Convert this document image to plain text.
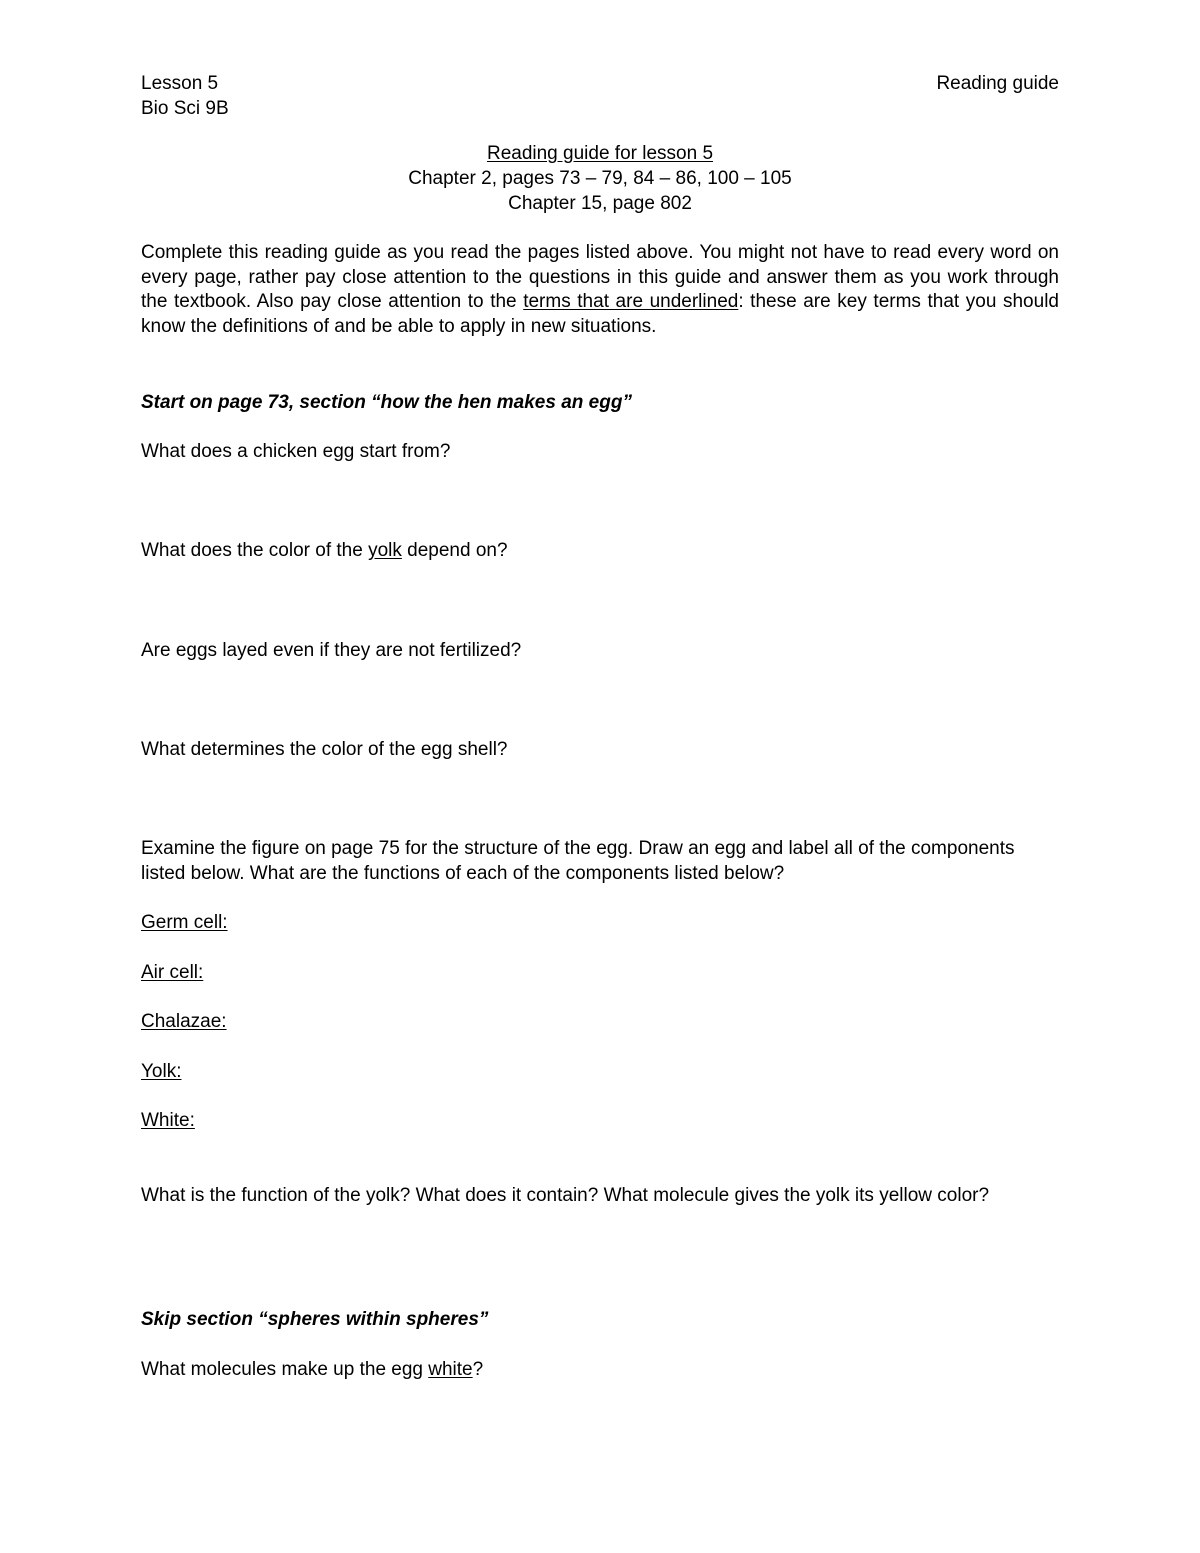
Lesson 5
Bio Sci 9B
Reading guide
Reading guide for lesson 5
Chapter 2, pages 73 – 79, 84 – 86, 100 – 105
Chapter 15, page 802
Complete this reading guide as you read the pages listed above. You might not have to read every word on every page, rather pay close attention to the questions in this guide and answer them as you work through the textbook. Also pay close attention to the terms that are underlined: these are key terms that you should know the definitions of and be able to apply in new situations.
Start on page 73, section “how the hen makes an egg”
What does a chicken egg start from?
What does the color of the yolk depend on?
Are eggs layed even if they are not fertilized?
What determines the color of the egg shell?
Examine the figure on page 75 for the structure of the egg. Draw an egg and label all of the components listed below. What are the functions of each of the components listed below?
Germ cell:
Air cell:
Chalazae:
Yolk:
White:
What is the function of the yolk? What does it contain? What molecule gives the yolk its yellow color?
Skip section “spheres within spheres”
What molecules make up the egg white?
